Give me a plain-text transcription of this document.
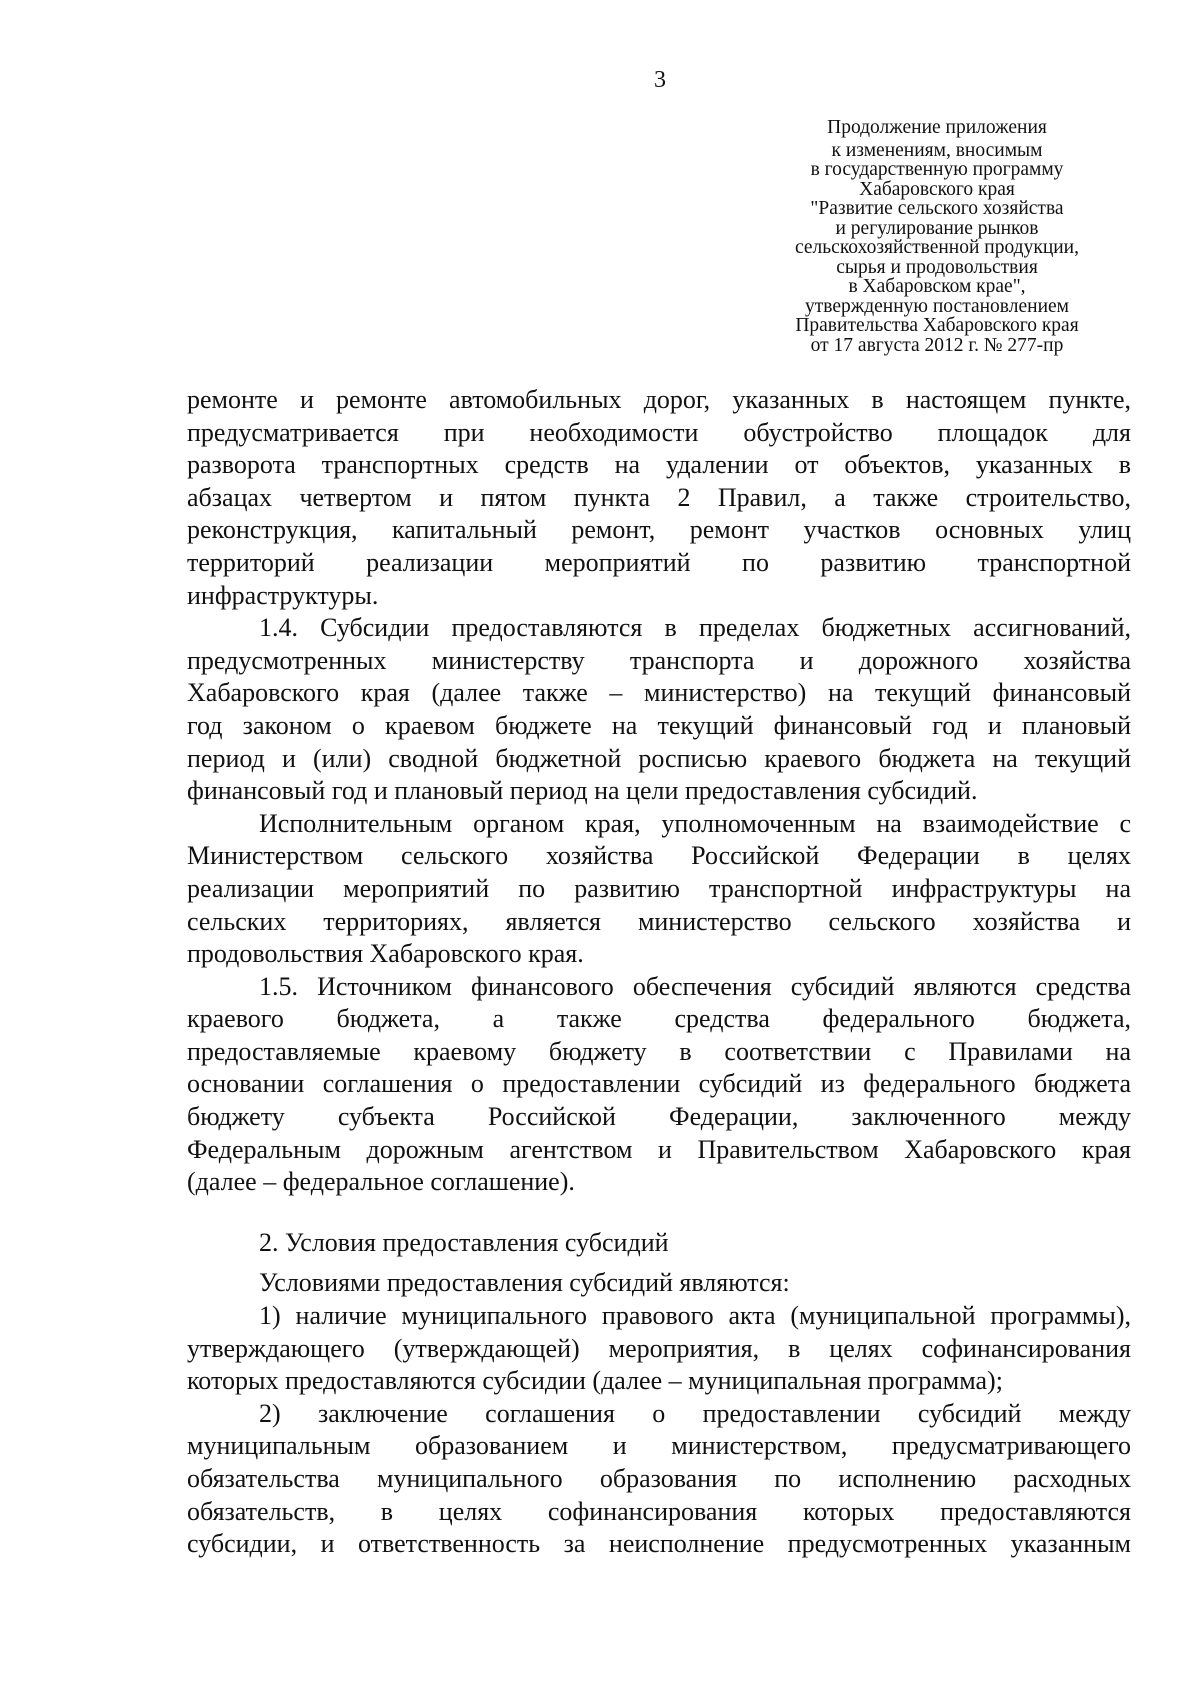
3
Продолжение приложения
к изменениям, вносимым
в государственную программу
Хабаровского края
"Развитие сельского хозяйства
и регулирование рынков
сельскохозяйственной продукции,
сырья и продовольствия
в Хабаровском крае",
утвержденную постановлением
Правительства Хабаровского края
от 17 августа 2012 г. № 277-пр
ремонте и ремонте автомобильных дорог, указанных в настоящем пункте,
предусматривается при необходимости обустройство площадок для
разворота транспортных средств на удалении от объектов, указанных в
абзацах четвертом и пятом пункта 2 Правил, а также строительство,
реконструкция, капитальный ремонт, ремонт участков основных улиц
территорий реализации мероприятий по развитию транспортной
инфраструктуры.
1.4. Субсидии предоставляются в пределах бюджетных ассигнований,
предусмотренных министерству транспорта и дорожного хозяйства
Хабаровского края (далее также – министерство) на текущий финансовый
год законом о краевом бюджете на текущий финансовый год и плановый
период и (или) сводной бюджетной росписью краевого бюджета на текущий
финансовый год и плановый период на цели предоставления субсидий.
Исполнительным органом края, уполномоченным на взаимодействие с
Министерством сельского хозяйства Российской Федерации в целях
реализации мероприятий по развитию транспортной инфраструктуры на
сельских территориях, является министерство сельского хозяйства и
продовольствия Хабаровского края.
1.5. Источником финансового обеспечения субсидий являются средства
краевого бюджета, а также средства федерального бюджета,
предоставляемые краевому бюджету в соответствии с Правилами на
основании соглашения о предоставлении субсидий из федерального бюджета
бюджету субъекта Российской Федерации, заключенного между
Федеральным дорожным агентством и Правительством Хабаровского края
(далее – федеральное соглашение).
2. Условия предоставления субсидий
Условиями предоставления субсидий являются:
1) наличие муниципального правового акта (муниципальной программы),
утверждающего (утверждающей) мероприятия, в целях софинансирования
которых предоставляются субсидии (далее – муниципальная программа);
2) заключение соглашения о предоставлении субсидий между
муниципальным образованием и министерством, предусматривающего
обязательства муниципального образования по исполнению расходных
обязательств, в целях софинансирования которых предоставляются
субсидии, и ответственность за неисполнение предусмотренных указанным
